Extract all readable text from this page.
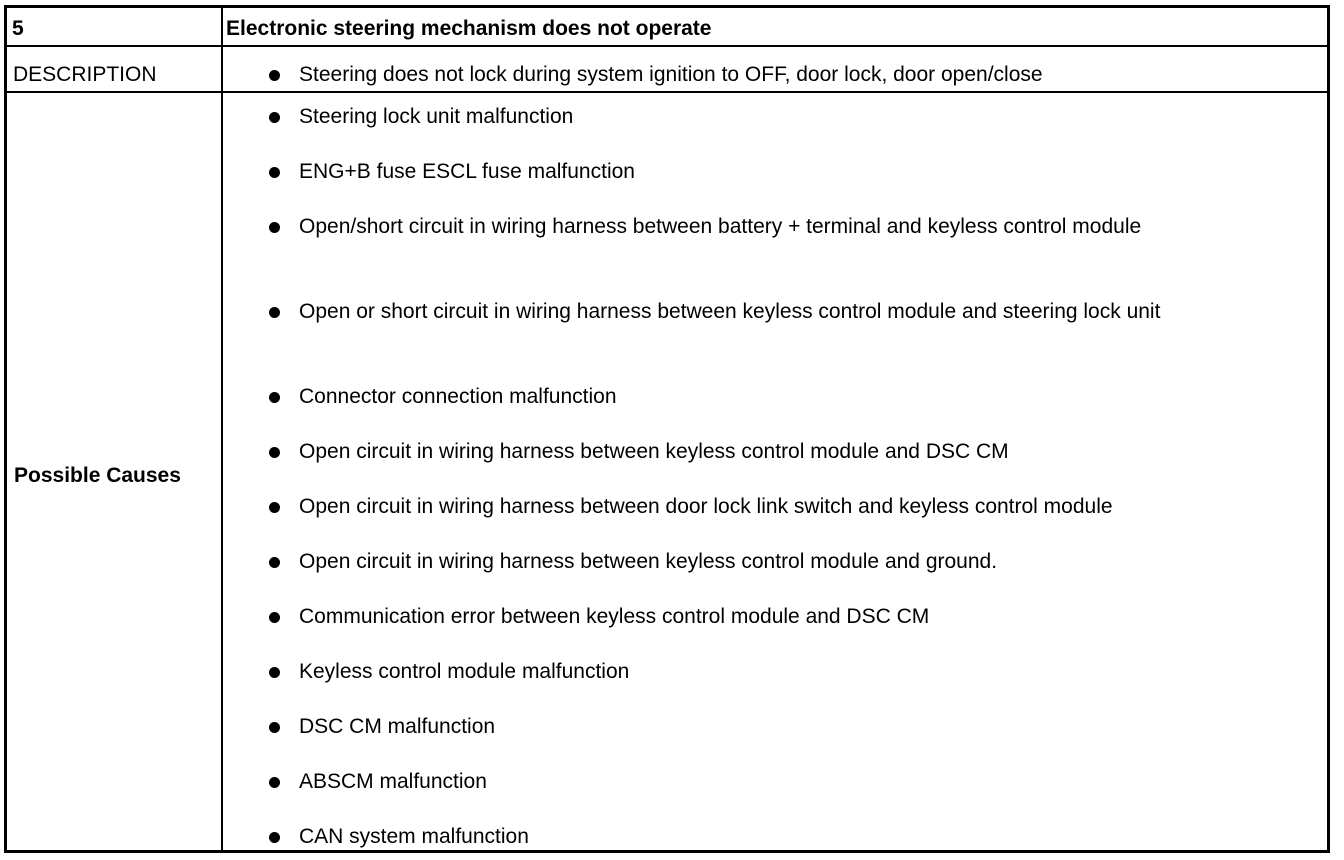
5	Electronic steering mechanism does not operate
DESCRIPTION	Steering does not lock during system ignition to OFF, door lock, door open/close
Possible Causes
Steering lock unit malfunction
ENG+B fuse ESCL fuse malfunction
Open/short circuit in wiring harness between battery + terminal and keyless control module
Open or short circuit in wiring harness between keyless control module and steering lock unit
Connector connection malfunction
Open circuit in wiring harness between keyless control module and DSC CM
Open circuit in wiring harness between door lock link switch and keyless control module
Open circuit in wiring harness between keyless control module and ground.
Communication error between keyless control module and DSC CM
Keyless control module malfunction
DSC CM malfunction
ABSCM malfunction
CAN system malfunction
